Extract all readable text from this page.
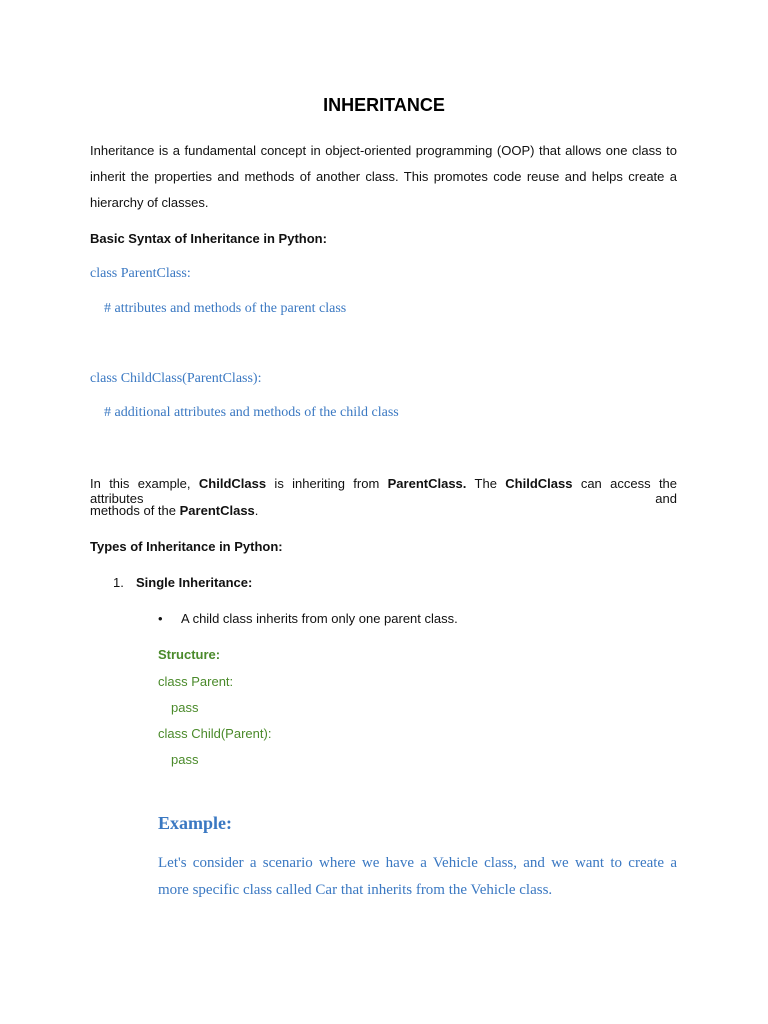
INHERITANCE
Inheritance is a fundamental concept in object-oriented programming (OOP) that allows one class to
inherit the properties and methods of another class. This promotes code reuse and helps create a
hierarchy of classes.
Basic Syntax of Inheritance in Python:
class ParentClass:
# attributes and methods of the parent class
class ChildClass(ParentClass):
# additional attributes and methods of the child class
In this example, ChildClass is inheriting from ParentClass. The ChildClass can access the attributes and
methods of the ParentClass.
Types of Inheritance in Python:
1. Single Inheritance:
• A child class inherits from only one parent class.
Structure:
class Parent:
pass
class Child(Parent):
pass
Example:
Let's consider a scenario where we have a Vehicle class, and we want to create a
more specific class called Car that inherits from the Vehicle class.
